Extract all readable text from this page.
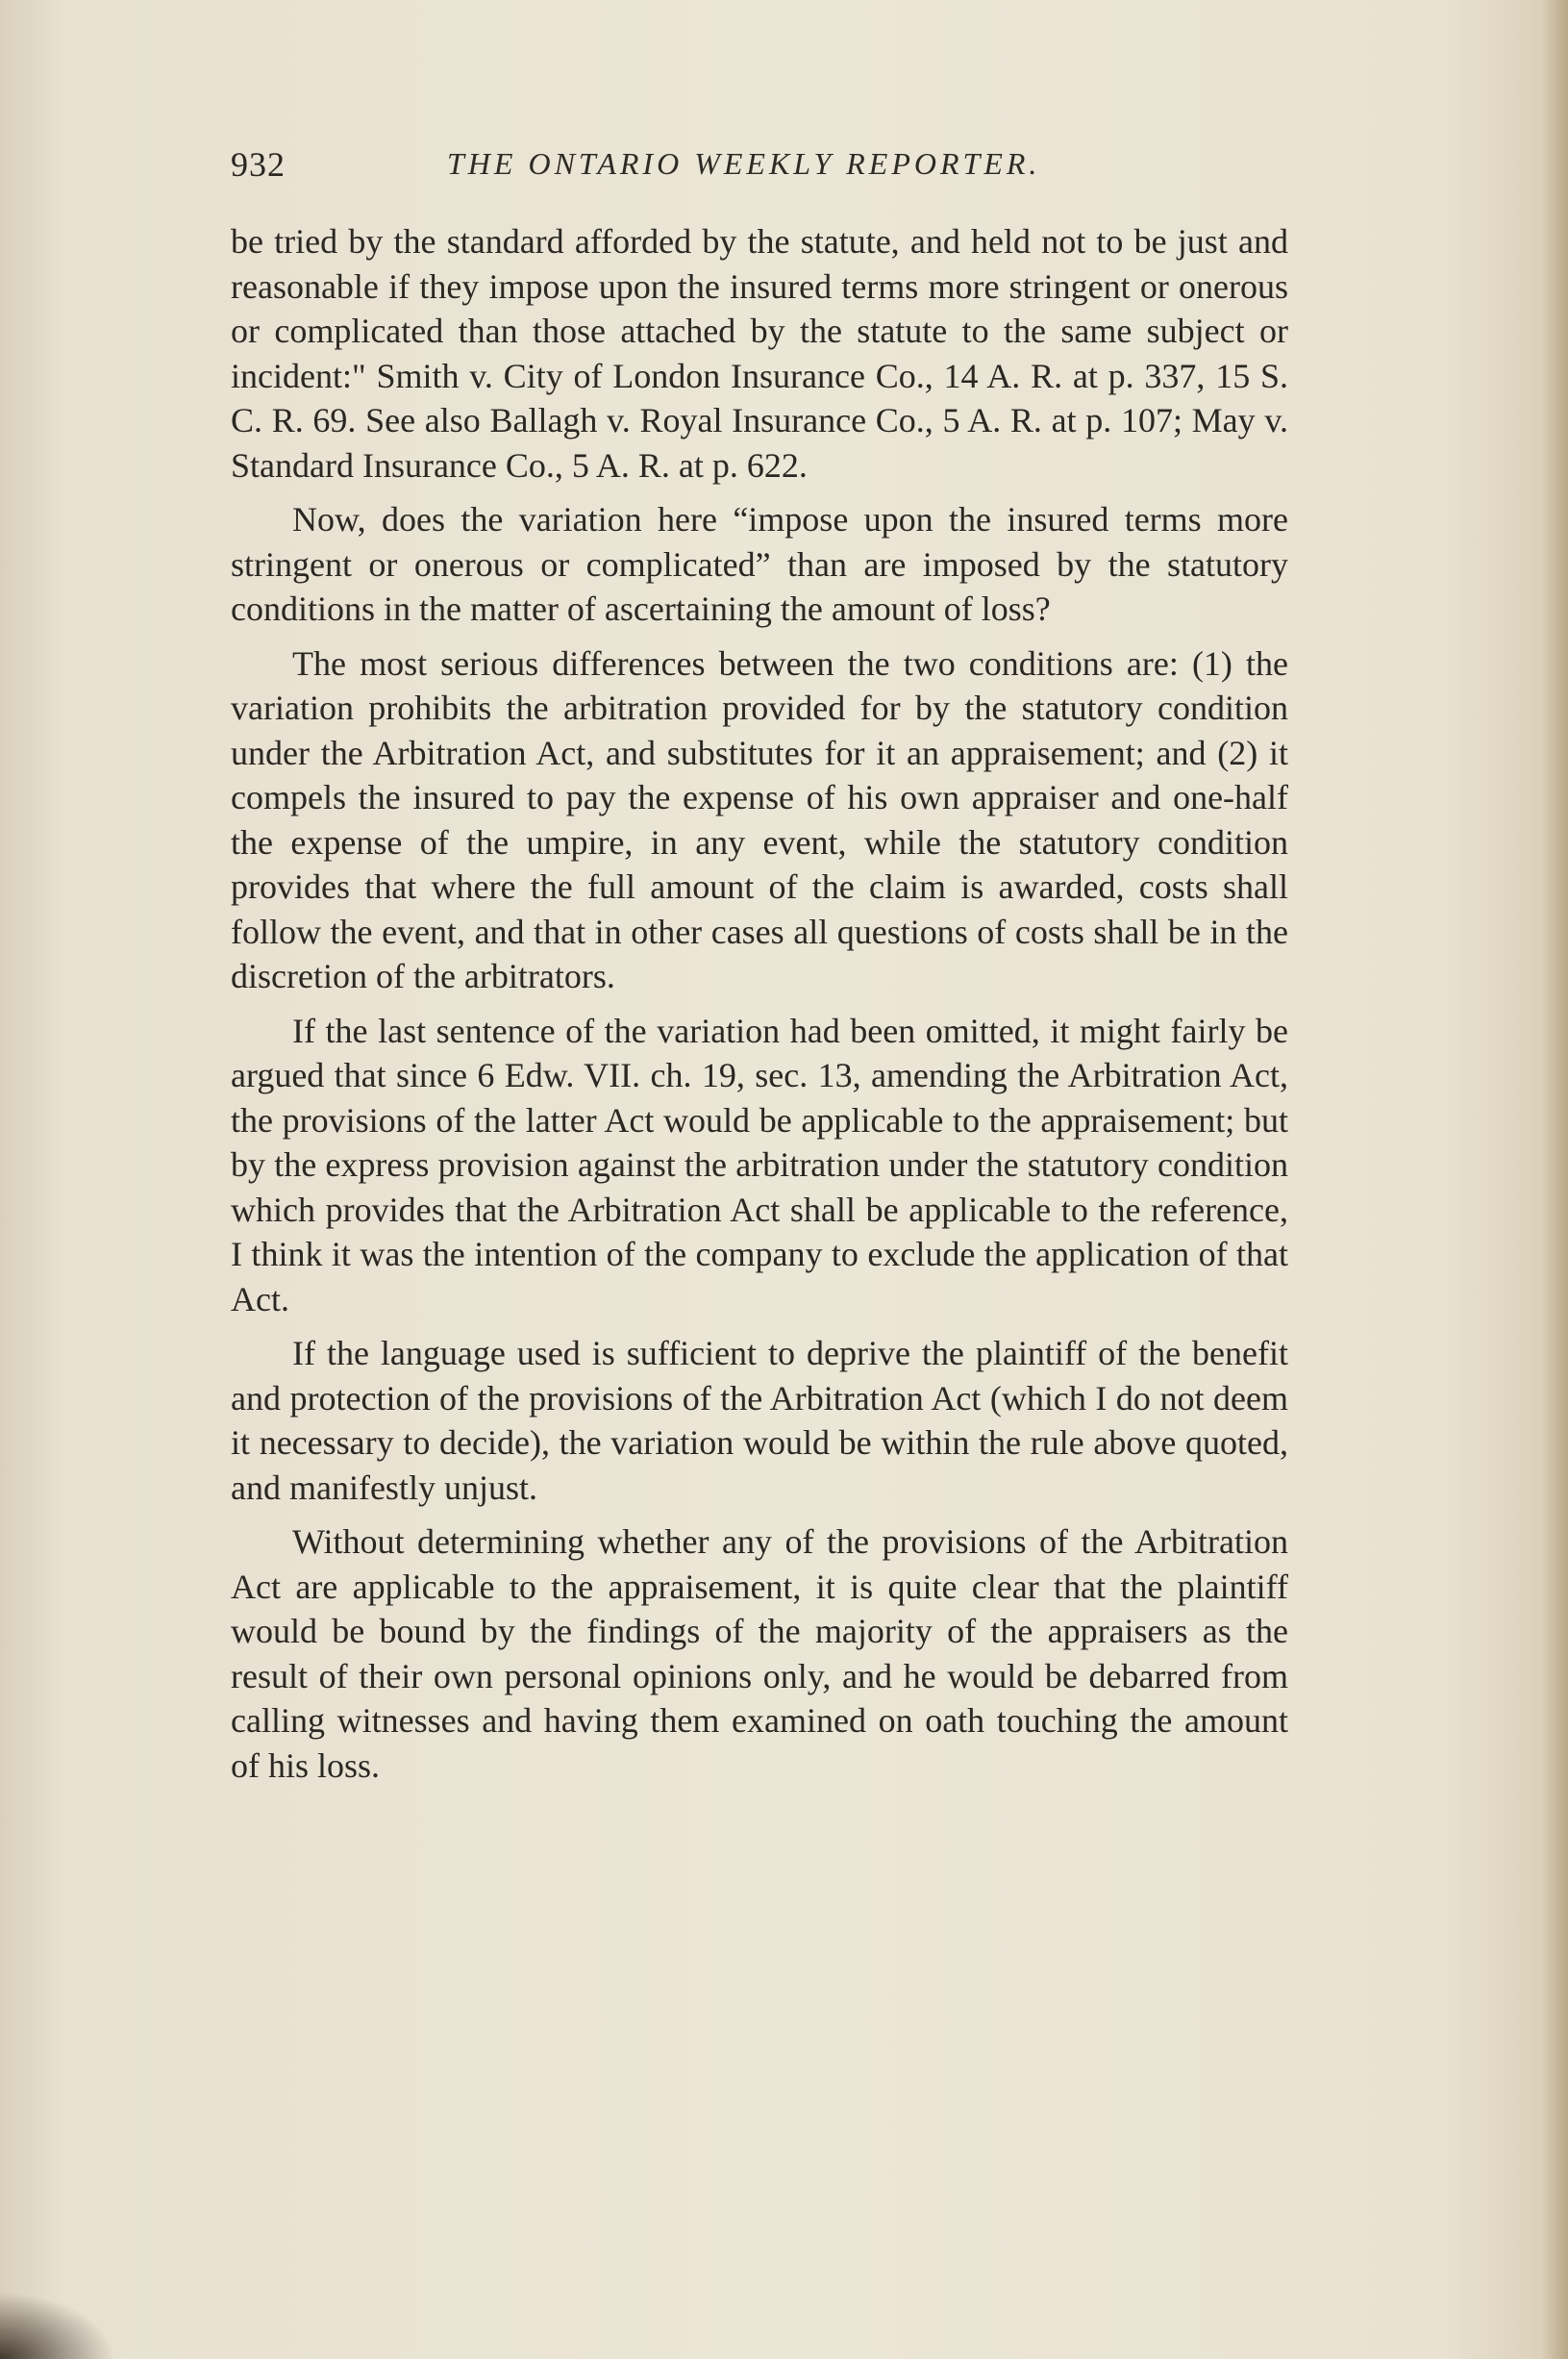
932	THE ONTARIO WEEKLY REPORTER.

be tried by the standard afforded by the statute, and held not to be just and reasonable if they impose upon the insured terms more stringent or onerous or complicated than those attached by the statute to the same subject or incident:" Smith v. City of London Insurance Co., 14 A. R. at p. 337, 15 S. C. R. 69. See also Ballagh v. Royal Insurance Co., 5 A. R. at p. 107; May v. Standard Insurance Co., 5 A. R. at p. 622.

Now, does the variation here “impose upon the insured terms more stringent or onerous or complicated” than are imposed by the statutory conditions in the matter of ascertaining the amount of loss?

The most serious differences between the two conditions are: (1) the variation prohibits the arbitration provided for by the statutory condition under the Arbitration Act, and substitutes for it an appraisement; and (2) it compels the insured to pay the expense of his own appraiser and one-half the expense of the umpire, in any event, while the statutory condition provides that where the full amount of the claim is awarded, costs shall follow the event, and that in other cases all questions of costs shall be in the discretion of the arbitrators.

If the last sentence of the variation had been omitted, it might fairly be argued that since 6 Edw. VII. ch. 19, sec. 13, amending the Arbitration Act, the provisions of the latter Act would be applicable to the appraisement; but by the express provision against the arbitration under the statutory condition which provides that the Arbitration Act shall be applicable to the reference, I think it was the intention of the company to exclude the application of that Act.

If the language used is sufficient to deprive the plaintiff of the benefit and protection of the provisions of the Arbitration Act (which I do not deem it necessary to decide), the variation would be within the rule above quoted, and manifestly unjust.

Without determining whether any of the provisions of the Arbitration Act are applicable to the appraisement, it is quite clear that the plaintiff would be bound by the findings of the majority of the appraisers as the result of their own personal opinions only, and he would be debarred from calling witnesses and having them examined on oath touching the amount of his loss.
